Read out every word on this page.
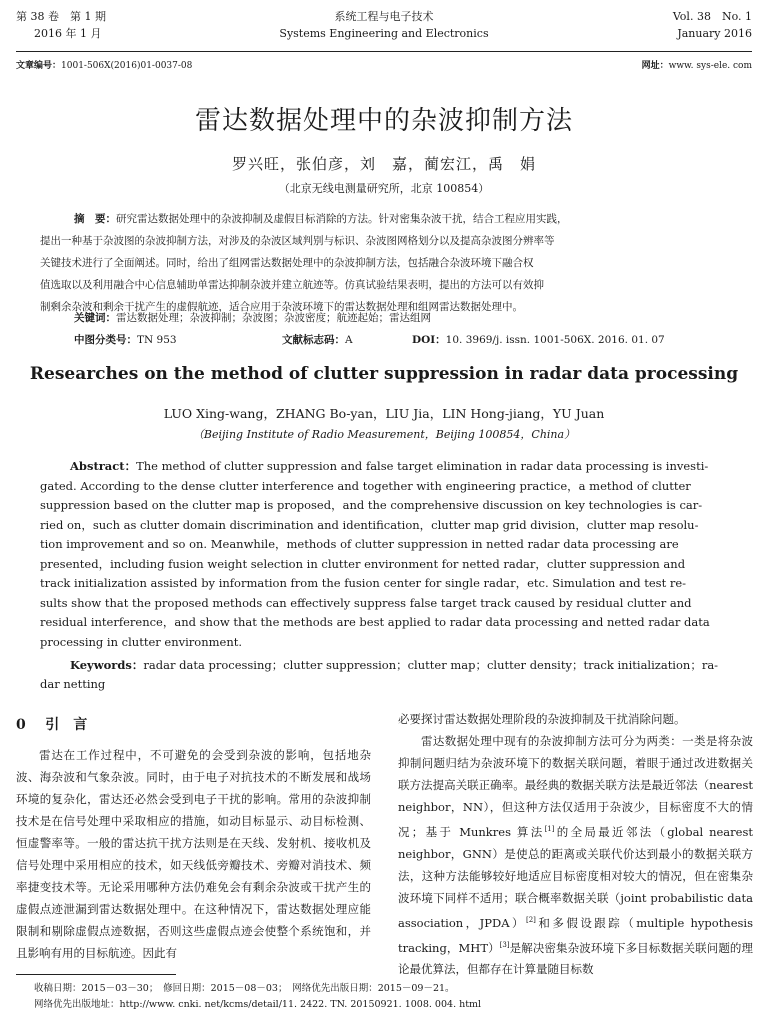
第 38 卷　第 1 期
2016 年 1 月
系统工程与电子技术
Systems Engineering and Electronics
Vol. 38　No. 1
January 2016
文章编号：1001-506X(2016)01-0037-08	网址：www. sys-ele. com
雷达数据处理中的杂波抑制方法
罗兴旺，张伯彦，刘　嘉，蔺宏江，禹　娟
（北京无线电测量研究所，北京 100854）
摘　要：研究雷达数据处理中的杂波抑制及虚假目标消除的方法。针对密集杂波干扰，结合工程应用实践，
提出一种基于杂波图的杂波抑制方法，对涉及的杂波区域判别与标识、杂波图网格划分以及提高杂波图分辨率等
关键技术进行了全面阐述。同时，给出了组网雷达数据处理中的杂波抑制方法，包括融合杂波环境下融合权
值选取以及利用融合中心信息辅助单雷达抑制杂波并建立航迹等。仿真试验结果表明，提出的方法可以有效抑
制剩余杂波和剩余干扰产生的虚假航迹，适合应用于杂波环境下的雷达数据处理和组网雷达数据处理中。
关键词：雷达数据处理；杂波抑制；杂波图；杂波密度；航迹起始；雷达组网
中图分类号：TN 953	文献标志码：A	DOI：10. 3969/j. issn. 1001-506X. 2016. 01. 07
Researches on the method of clutter suppression in radar data processing
LUO Xing-wang，ZHANG Bo-yan，LIU Jia，LIN Hong-jiang，YU Juan
（Beijing Institute of Radio Measurement，Beijing 100854，China）
Abstract：The method of clutter suppression and false target elimination in radar data processing is investi-
gated. According to the dense clutter interference and together with engineering practice，a method of clutter
suppression based on the clutter map is proposed，and the comprehensive discussion on key technologies is car-
ried on，such as clutter domain discrimination and identification，clutter map grid division，clutter map resolu-
tion improvement and so on. Meanwhile，methods of clutter suppression in netted radar data processing are
presented，including fusion weight selection in clutter environment for netted radar，clutter suppression and
track initialization assisted by information from the fusion center for single radar，etc. Simulation and test re-
sults show that the proposed methods can effectively suppress false target track caused by residual clutter and
residual interference，and show that the methods are best applied to radar data processing and netted radar data
processing in clutter environment.
Keywords：radar data processing；clutter suppression；clutter map；clutter density；track initialization；ra-dar netting
0 引　言

雷达在工作过程中，不可避免的会受到杂波的影响，包括地杂波、海杂波和气象杂波。同时，由于电子对抗技术的不断发展和战场环境的复杂化，雷达还必然会受到电子干扰的影响。常用的杂波抑制技术是在信号处理中采取相应的措施，如动目标显示、动目标检测、恒虚警率等。一般的雷达抗干扰方法则是在天线、发射机、接收机及信号处理中采用相应的技术，如天线低旁瓣技术、旁瓣对消技术、频率捷变技术等。无论采用哪种方法仍难免会有剩余杂波或干扰产生的虚假点迹泄漏到雷达数据处理中。在这种情况下，雷达数据处理应能限制和剔除虚假点迹数据，否则这些虚假点迹会使整个系统饱和，并且影响有用的目标航迹。因此有

必要探讨雷达数据处理阶段的杂波抑制及干扰消除问题。

雷达数据处理中现有的杂波抑制方法可分为两类：一类是将杂波抑制问题归结为杂波环境下的数据关联问题，着眼于通过改进数据关联方法提高关联正确率。最经典的数据关联方法是最近邻法（nearest neighbor，NN），但这种方法仅适用于杂波少，目标密度不大的情况；基于 Munkres 算法[1]的全局最近邻法（global nearest neighbor，GNN）是使总的距离或关联代价达到最小的数据关联方法，这种方法能够较好地适应目标密度相对较大的情况，但在密集杂波环境下同样不适用；联合概率数据关联（joint probabilistic data association，JPDA）[2]和多假设跟踪（multiple hypothesis tracking，MHT）[3]是解决密集杂波环境下多目标数据关联问题的理论最优算法，但都存在计算量随目标数

收稿日期：2015－03－30；　修回日期：2015－08－03；　网络优先出版日期：2015－09－21。
网络优先出版地址：http://www. cnki. net/kcms/detail/11. 2422. TN. 20150921. 1008. 004. html
